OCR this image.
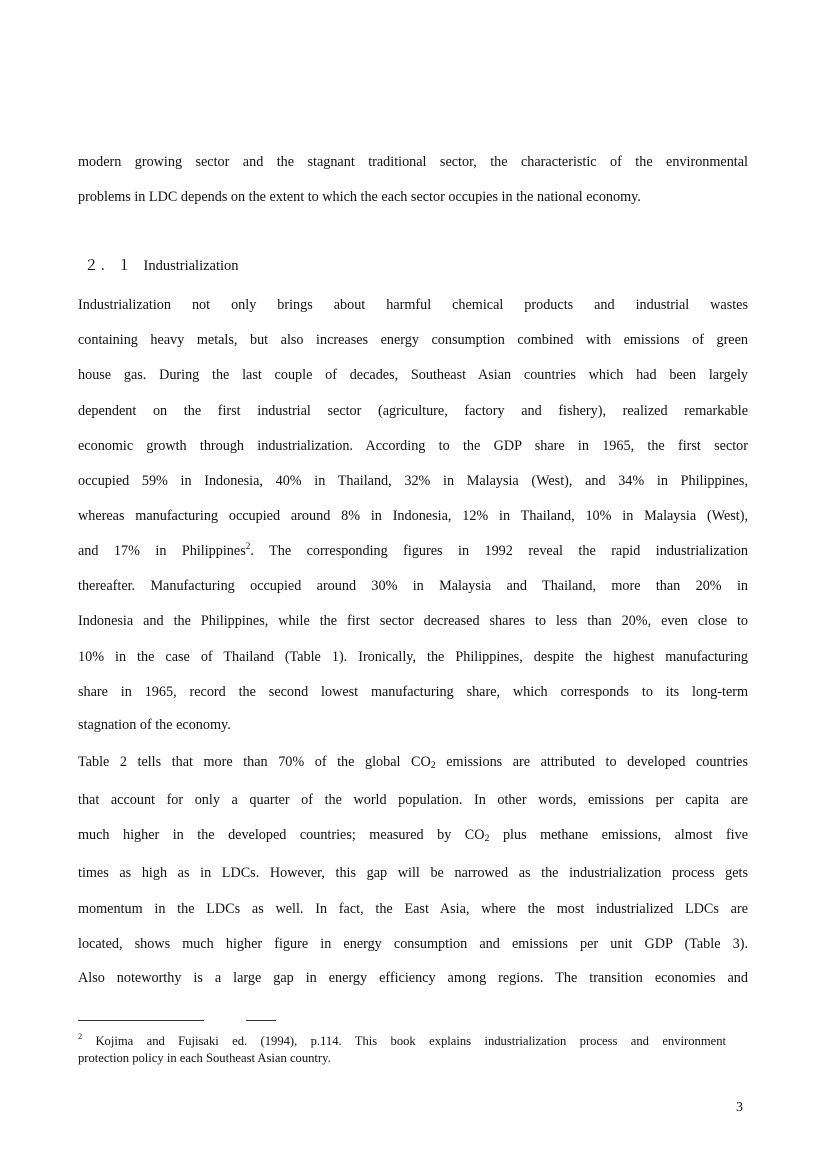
modern growing sector and the stagnant traditional sector, the characteristic of the environmental
problems in LDC depends on the extent to which the each sector occupies in the national economy.
２．１ Industrialization
Industrialization not only brings about harmful chemical products and industrial wastes
containing heavy metals, but also increases energy consumption combined with emissions of green
house gas. During the last couple of decades, Southeast Asian countries which had been largely
dependent on the first industrial sector (agriculture, factory and fishery), realized remarkable
economic growth through industrialization. According to the GDP share in 1965, the first sector
occupied 59% in Indonesia, 40% in Thailand, 32% in Malaysia (West), and 34% in Philippines,
whereas manufacturing occupied around 8% in Indonesia, 12% in Thailand, 10% in Malaysia (West),
and 17% in Philippines$^2$. The corresponding figures in 1992 reveal the rapid industrialization
thereafter. Manufacturing occupied around 30% in Malaysia and Thailand, more than 20% in
Indonesia and the Philippines, while the first sector decreased shares to less than 20%, even close to
10% in the case of Thailand (Table 1). Ironically, the Philippines, despite the highest manufacturing
share in 1965, record the second lowest manufacturing share, which corresponds to its long-term
stagnation of the economy.
Table 2 tells that more than 70% of the global $CO_2$ emissions are attributed to developed countries
that account for only a quarter of the world population. In other words, emissions per capita are
much higher in the developed countries; measured by $CO_2$ plus methane emissions, almost five
times as high as in LDCs. However, this gap will be narrowed as the industrialization process gets
momentum in the LDCs as well. In fact, the East Asia, where the most industrialized LDCs are
located, shows much higher figure in energy consumption and emissions per unit GDP (Table 3).
Also noteworthy is a large gap in energy efficiency among regions. The transition economies and
$^2$ Kojima and Fujisaki ed. (1994), p.114. This book explains industrialization process and environment
protection policy in each Southeast Asian country.
3
